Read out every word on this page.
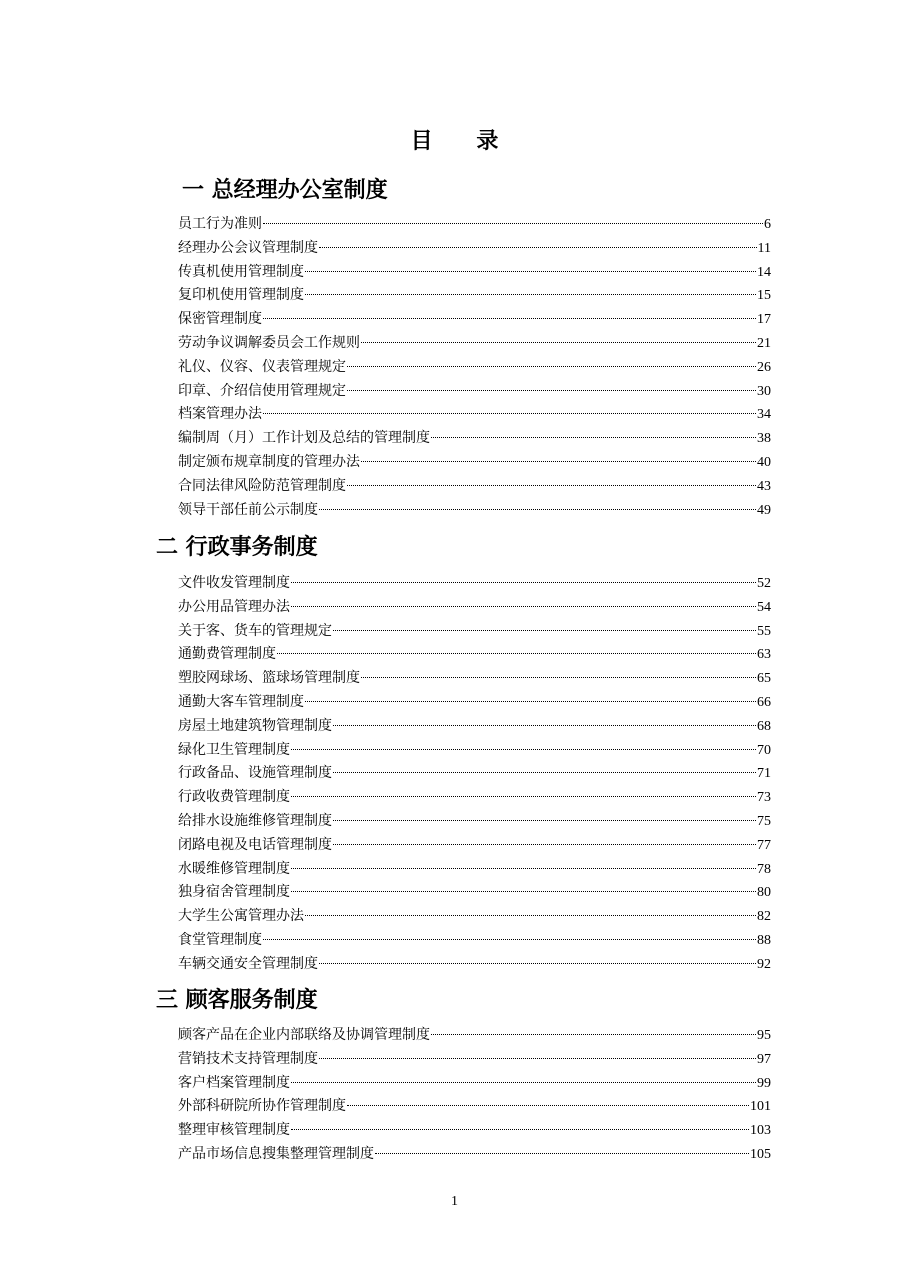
目 录
一 总经理办公室制度
员工行为准则	6
经理办公会议管理制度	11
传真机使用管理制度	14
复印机使用管理制度	15
保密管理制度	17
劳动争议调解委员会工作规则	21
礼仪、仪容、仪表管理规定	26
印章、介绍信使用管理规定	30
档案管理办法	34
编制周（月）工作计划及总结的管理制度	38
制定颁布规章制度的管理办法	40
合同法律风险防范管理制度	43
领导干部任前公示制度	49
二 行政事务制度
文件收发管理制度	52
办公用品管理办法	54
关于客、货车的管理规定	55
通勤费管理制度	63
塑胶网球场、篮球场管理制度	65
通勤大客车管理制度	66
房屋土地建筑物管理制度	68
绿化卫生管理制度	70
行政备品、设施管理制度	71
行政收费管理制度	73
给排水设施维修管理制度	75
闭路电视及电话管理制度	77
水暖维修管理制度	78
独身宿舍管理制度	80
大学生公寓管理办法	82
食堂管理制度	88
车辆交通安全管理制度	92
三 顾客服务制度
顾客产品在企业内部联络及协调管理制度	95
营销技术支持管理制度	97
客户档案管理制度	99
外部科研院所协作管理制度	101
整理审核管理制度	103
产品市场信息搜集整理管理制度	105
1
